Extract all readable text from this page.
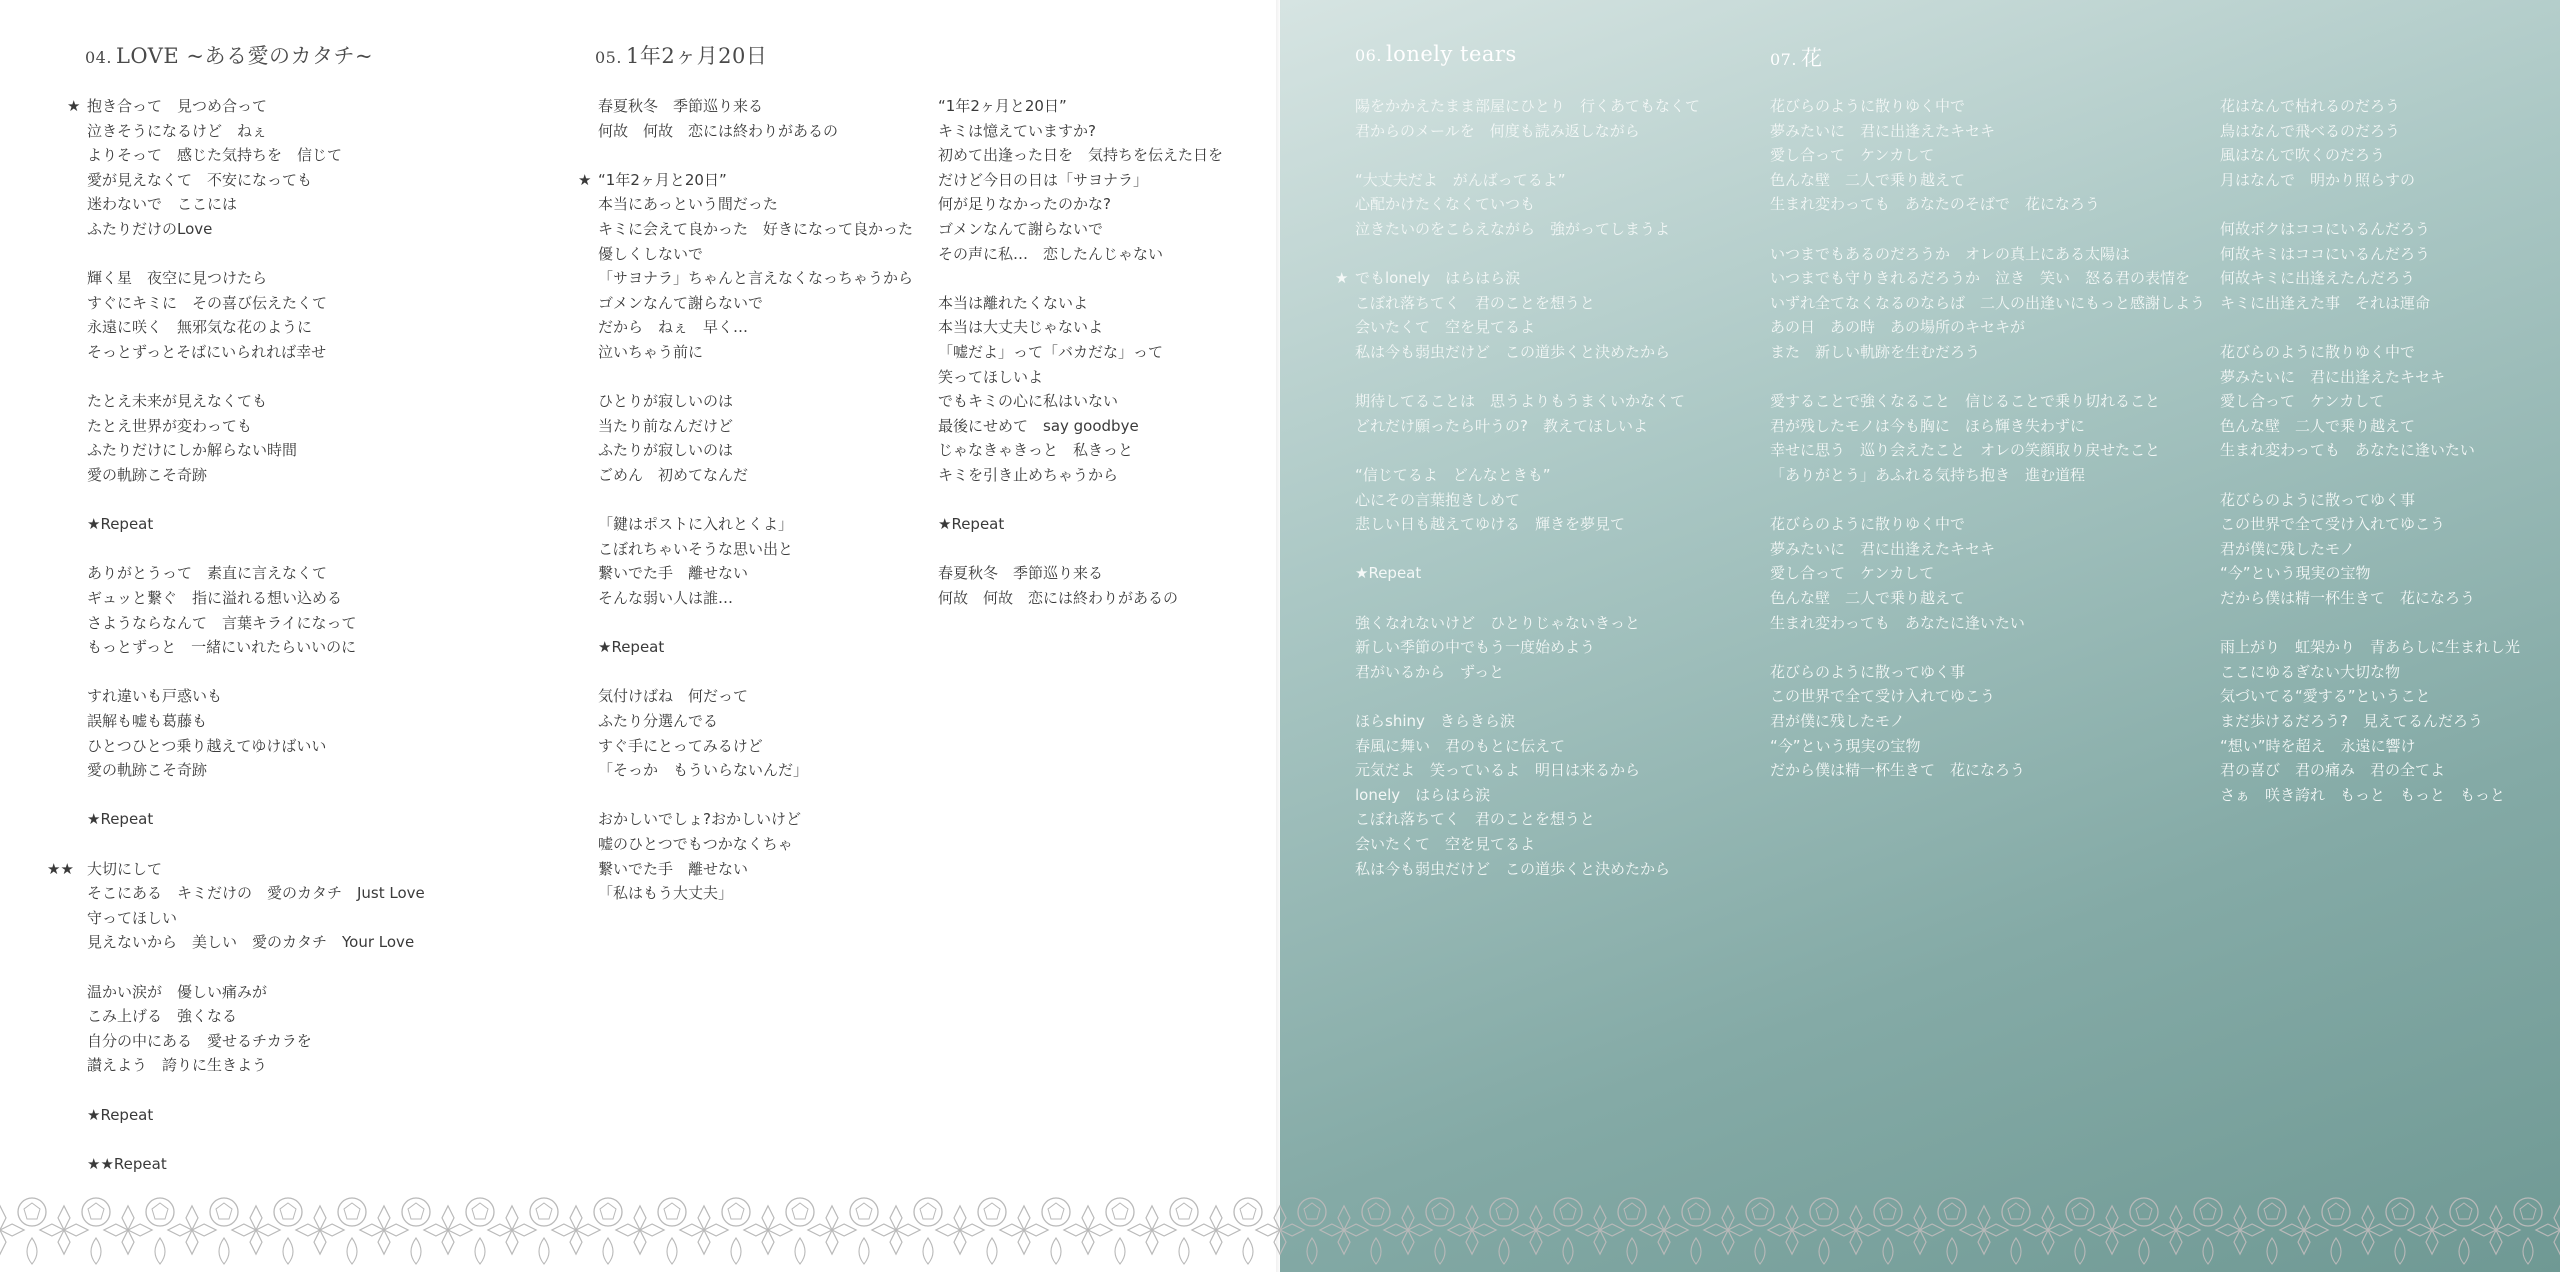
04. LOVE ~ある愛のカタチ~
★ 抱き合って　見つめ合って
泣きそうになるけど　ねぇ
よりそって　感じた気持ちを　信じて
愛が見えなくて　不安になっても
迷わないで　ここには
ふたりだけのLove
輝く星　夜空に見つけたら
すぐにキミに　その喜び伝えたくて
永遠に咲く　無邪気な花のように
そっとずっとそばにいられれば幸せ
たとえ未来が見えなくても
たとえ世界が変わっても
ふたりだけにしか解らない時間
愛の軌跡こそ奇跡
★Repeat
ありがとうって　素直に言えなくて
ギュッと繋ぐ　指に溢れる想い込める
さようならなんて　言葉キライになって
もっとずっと　一緒にいれたらいいのに
すれ違いも戸惑いも
誤解も嘘も葛藤も
ひとつひとつ乗り越えてゆけばいい
愛の軌跡こそ奇跡
★Repeat
★★ 大切にして
そこにある　キミだけの　愛のカタチ　Just Love
守ってほしい
見えないから　美しい　愛のカタチ　Your Love
温かい涙が　優しい痛みが
こみ上げる　強くなる
自分の中にある　愛せるチカラを
讃えよう　誇りに生きよう
★Repeat
★★Repeat
05. 1年2ヶ月20日
春夏秋冬　季節巡り来る
何故　何故　恋には終わりがあるの
★ “1年2ヶ月と20日”
本当にあっという間だった
キミに会えて良かった　好きになって良かった
優しくしないで
「サヨナラ」ちゃんと言えなくなっちゃうから
ゴメンなんて謝らないで
だから　ねぇ　早く…
泣いちゃう前に
ひとりが寂しいのは
当たり前なんだけど
ふたりが寂しいのは
ごめん　初めてなんだ
「鍵はポストに入れとくよ」
こぼれちゃいそうな思い出と
繋いでた手　離せない
そんな弱い人は誰…
★Repeat
気付けばね　何だって
ふたり分選んでる
すぐ手にとってみるけど
「そっか　もういらないんだ」
おかしいでしょ?おかしいけど
嘘のひとつでもつかなくちゃ
繋いでた手　離せない
「私はもう大丈夫」
“1年2ヶ月と20日”
キミは憶えていますか?
初めて出逢った日を　気持ちを伝えた日を
だけど今日の日は「サヨナラ」
何が足りなかったのかな?
ゴメンなんて謝らないで
その声に私…　恋したんじゃない
本当は離れたくないよ
本当は大丈夫じゃないよ
「嘘だよ」って「バカだな」って
笑ってほしいよ
でもキミの心に私はいない
最後にせめて　say goodbye
じゃなきゃきっと　私きっと
キミを引き止めちゃうから
★Repeat
春夏秋冬　季節巡り来る
何故　何故　恋には終わりがあるの
06. lonely tears
陽をかかえたまま部屋にひとり　行くあてもなくて
君からのメールを　何度も読み返しながら
“大丈夫だよ　がんばってるよ”
心配かけたくなくていつも
泣きたいのをこらえながら　強がってしまうよ
★ でもlonely　はらはら涙
こぼれ落ちてく　君のことを想うと
会いたくて　空を見てるよ
私は今も弱虫だけど　この道歩くと決めたから
期待してることは　思うよりもうまくいかなくて
どれだけ願ったら叶うの?　教えてほしいよ
“信じてるよ　どんなときも”
心にその言葉抱きしめて
悲しい日も越えてゆける　輝きを夢見て
★Repeat
強くなれないけど　ひとりじゃないきっと
新しい季節の中でもう一度始めよう
君がいるから　ずっと
ほらshiny　きらきら涙
春風に舞い　君のもとに伝えて
元気だよ　笑っているよ　明日は来るから
lonely　はらはら涙
こぼれ落ちてく　君のことを想うと
会いたくて　空を見てるよ
私は今も弱虫だけど　この道歩くと決めたから
07. 花
花びらのように散りゆく中で
夢みたいに　君に出逢えたキセキ
愛し合って　ケンカして
色んな壁　二人で乗り越えて
生まれ変わっても　あなたのそばで　花になろう
いつまでもあるのだろうか　オレの真上にある太陽は
いつまでも守りきれるだろうか　泣き　笑い　怒る君の表情を
いずれ全てなくなるのならば　二人の出逢いにもっと感謝しよう
あの日　あの時　あの場所のキセキが
また　新しい軌跡を生むだろう
愛することで強くなること　信じることで乗り切れること
君が残したモノは今も胸に　ほら輝き失わずに
幸せに思う　巡り会えたこと　オレの笑顔取り戻せたこと
「ありがとう」あふれる気持ち抱き　進む道程
花びらのように散りゆく中で
夢みたいに　君に出逢えたキセキ
愛し合って　ケンカして
色んな壁　二人で乗り越えて
生まれ変わっても　あなたに逢いたい
花びらのように散ってゆく事
この世界で全て受け入れてゆこう
君が僕に残したモノ
“今”という現実の宝物
だから僕は精一杯生きて　花になろう
花はなんで枯れるのだろう
鳥はなんで飛べるのだろう
風はなんで吹くのだろう
月はなんで　明かり照らすの
何故ボクはココにいるんだろう
何故キミはココにいるんだろう
何故キミに出逢えたんだろう
キミに出逢えた事　それは運命
花びらのように散りゆく中で
夢みたいに　君に出逢えたキセキ
愛し合って　ケンカして
色んな壁　二人で乗り越えて
生まれ変わっても　あなたに逢いたい
花びらのように散ってゆく事
この世界で全て受け入れてゆこう
君が僕に残したモノ
“今”という現実の宝物
だから僕は精一杯生きて　花になろう
雨上がり　虹架かり　青あらしに生まれし光
ここにゆるぎない大切な物
気づいてる“愛する”ということ
まだ歩けるだろう?　見えてるんだろう
“想い”時を超え　永遠に響け
君の喜び　君の痛み　君の全てよ
さぁ　咲き誇れ　もっと　もっと　もっと
